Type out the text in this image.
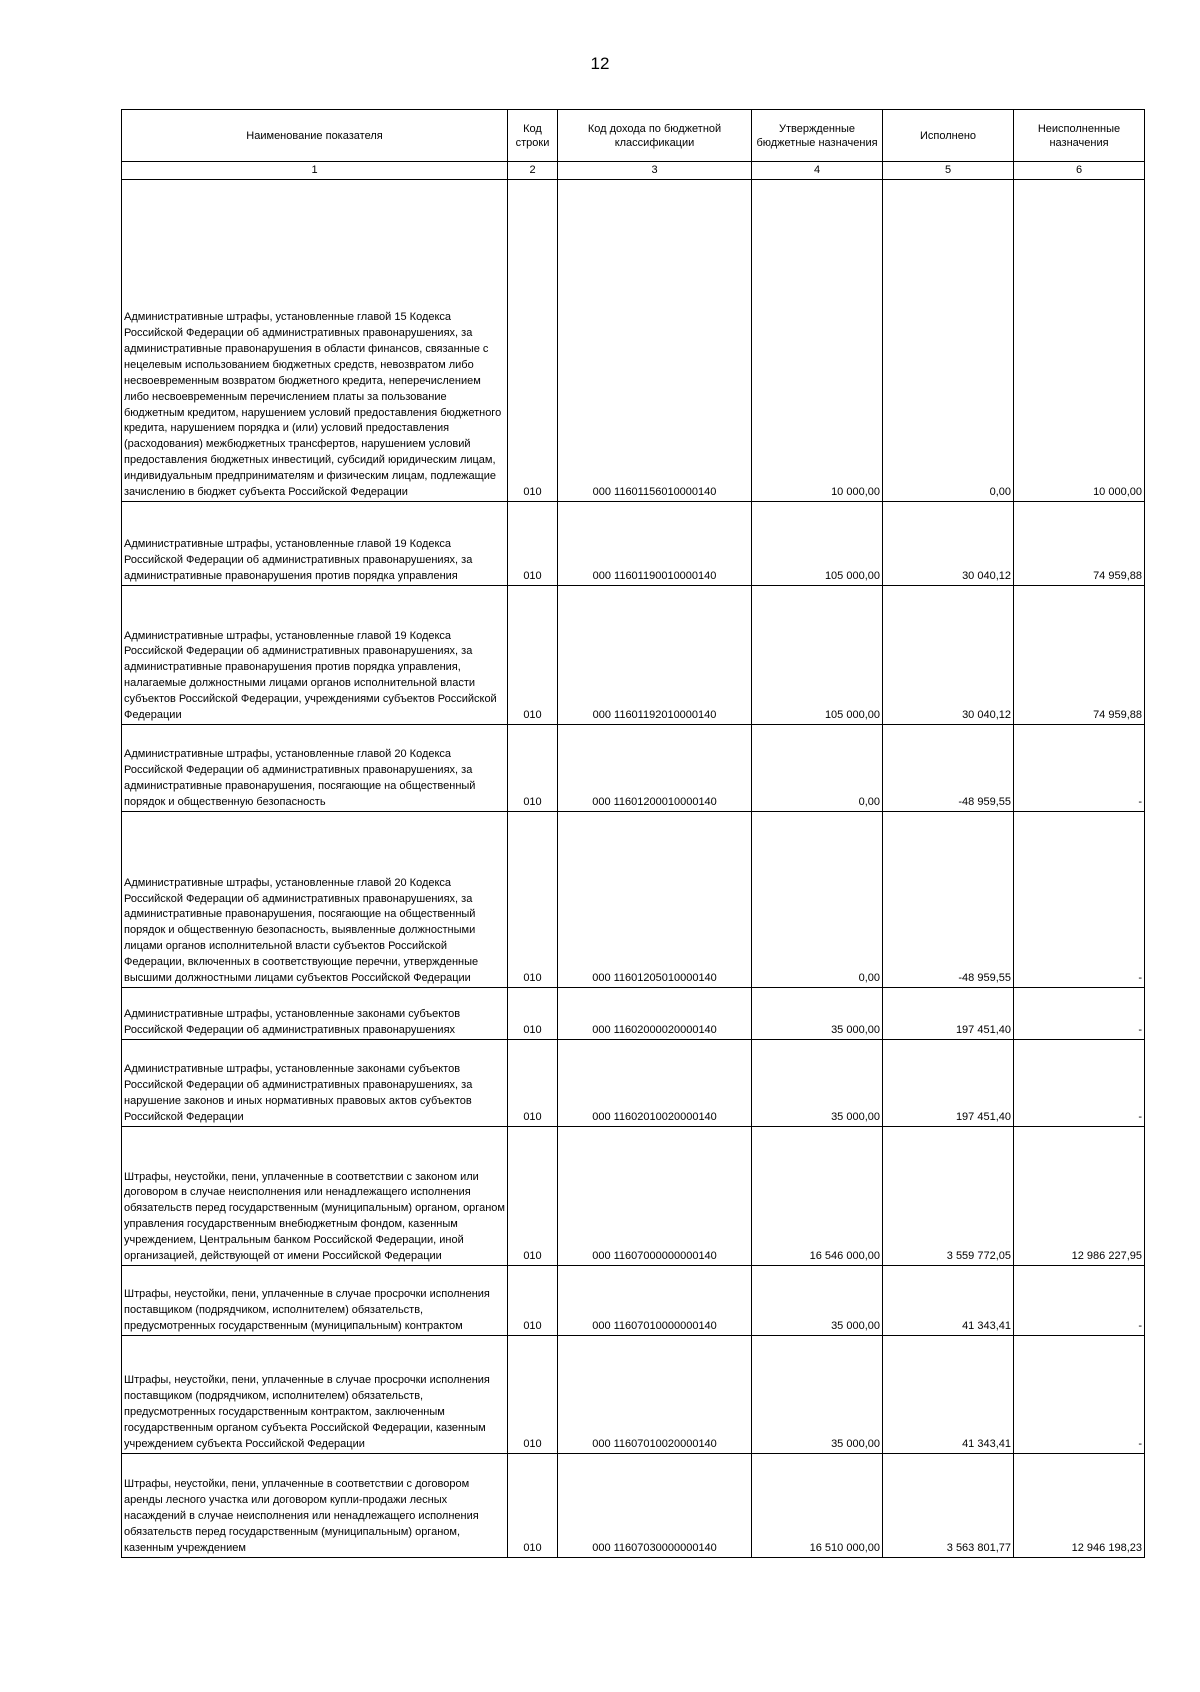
12
Наименование показателя	Код строки	Код дохода по бюджетной классификации	Утвержденные бюджетные назначения	Исполнено	Неисполненные назначения
1	2	3	4	5	6
Административные штрафы, установленные главой 15 Кодекса Российской Федерации об административных правонарушениях, за административные правонарушения в области финансов, связанные с нецелевым использованием бюджетных средств, невозвратом либо несвоевременным возвратом бюджетного кредита, неперечислением либо несвоевременным перечислением платы за пользование бюджетным кредитом, нарушением условий предоставления бюджетного кредита, нарушением порядка и (или) условий предоставления (расходования) межбюджетных трансфертов, нарушением условий предоставления бюджетных инвестиций, субсидий юридическим лицам, индивидуальным предпринимателям и физическим лицам, подлежащие зачислению в бюджет субъекта Российской Федерации	010	000 11601156010000140	10 000,00	0,00	10 000,00
Административные штрафы, установленные главой 19 Кодекса Российской Федерации об административных правонарушениях, за административные правонарушения против порядка управления	010	000 11601190010000140	105 000,00	30 040,12	74 959,88
Административные штрафы, установленные главой 19 Кодекса Российской Федерации об административных правонарушениях, за административные правонарушения против порядка управления, налагаемые должностными лицами органов исполнительной власти субъектов Российской Федерации, учреждениями субъектов Российской Федерации	010	000 11601192010000140	105 000,00	30 040,12	74 959,88
Административные штрафы, установленные главой 20 Кодекса Российской Федерации об административных правонарушениях, за административные правонарушения, посягающие на общественный порядок и общественную безопасность	010	000 11601200010000140	0,00	-48 959,55	-
Административные штрафы, установленные главой 20 Кодекса Российской Федерации об административных правонарушениях, за административные правонарушения, посягающие на общественный порядок и общественную безопасность, выявленные должностными лицами органов исполнительной власти субъектов Российской Федерации, включенных в соответствующие перечни, утвержденные высшими должностными лицами субъектов Российской Федерации	010	000 11601205010000140	0,00	-48 959,55	-
Административные штрафы, установленные законами субъектов Российской Федерации об административных правонарушениях	010	000 11602000020000140	35 000,00	197 451,40	-
Административные штрафы, установленные законами субъектов Российской Федерации об административных правонарушениях, за нарушение законов и иных нормативных правовых актов субъектов Российской Федерации	010	000 11602010020000140	35 000,00	197 451,40	-
Штрафы, неустойки, пени, уплаченные в соответствии с законом или договором в случае неисполнения или ненадлежащего исполнения обязательств перед государственным (муниципальным) органом, органом управления государственным внебюджетным фондом, казенным учреждением, Центральным банком Российской Федерации, иной организацией, действующей от имени Российской Федерации	010	000 11607000000000140	16 546 000,00	3 559 772,05	12 986 227,95
Штрафы, неустойки, пени, уплаченные в случае просрочки исполнения поставщиком (подрядчиком, исполнителем) обязательств, предусмотренных государственным (муниципальным) контрактом	010	000 11607010000000140	35 000,00	41 343,41	-
Штрафы, неустойки, пени, уплаченные в случае просрочки исполнения поставщиком (подрядчиком, исполнителем) обязательств, предусмотренных государственным контрактом, заключенным государственным органом субъекта Российской Федерации, казенным учреждением субъекта Российской Федерации	010	000 11607010020000140	35 000,00	41 343,41	-
Штрафы, неустойки, пени, уплаченные в соответствии с договором аренды лесного участка или договором купли-продажи лесных насаждений в случае неисполнения или ненадлежащего исполнения обязательств перед государственным (муниципальным) органом, казенным учреждением	010	000 11607030000000140	16 510 000,00	3 563 801,77	12 946 198,23
